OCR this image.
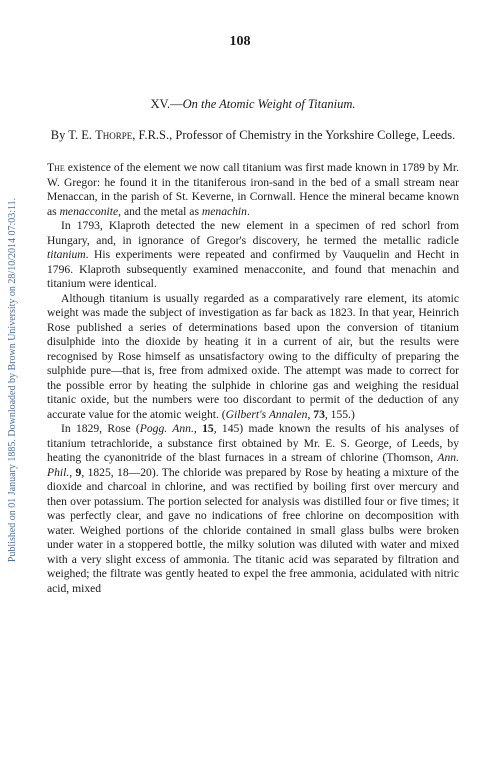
Published on 01 January 1885. Downloaded by Brown University on 28/10/2014 07:03:11.
108

XV.—On the Atomic Weight of Titanium.

By T. E. Thorpe, F.R.S., Professor of Chemistry in the Yorkshire College, Leeds.

The existence of the element we now call titanium was first made known in 1789 by Mr. W. Gregor: he found it in the titaniferous iron-sand in the bed of a small stream near Menaccan, in the parish of St. Keverne, in Cornwall. Hence the mineral became known as menacconite, and the metal as menachin.

In 1793, Klaproth detected the new element in a specimen of red schorl from Hungary, and, in ignorance of Gregor's discovery, he termed the metallic radicle titanium. His experiments were repeated and confirmed by Vauquelin and Hecht in 1796. Klaproth subsequently examined menacconite, and found that menachin and titanium were identical.

Although titanium is usually regarded as a comparatively rare element, its atomic weight was made the subject of investigation as far back as 1823. In that year, Heinrich Rose published a series of determinations based upon the conversion of titanium disulphide into the dioxide by heating it in a current of air, but the results were recognised by Rose himself as unsatisfactory owing to the difficulty of preparing the sulphide pure—that is, free from admixed oxide. The attempt was made to correct for the possible error by heating the sulphide in chlorine gas and weighing the residual titanic oxide, but the numbers were too discordant to permit of the deduction of any accurate value for the atomic weight. (Gilbert's Annalen, 73, 155.)

In 1829, Rose (Pogg. Ann., 15, 145) made known the results of his analyses of titanium tetrachloride, a substance first obtained by Mr. E. S. George, of Leeds, by heating the cyanonitride of the blast furnaces in a stream of chlorine (Thomson, Ann. Phil., 9, 1825, 18—20). The chloride was prepared by Rose by heating a mixture of the dioxide and charcoal in chlorine, and was rectified by boiling first over mercury and then over potassium. The portion selected for analysis was distilled four or five times; it was perfectly clear, and gave no indications of free chlorine on decomposition with water. Weighed portions of the chloride contained in small glass bulbs were broken under water in a stoppered bottle, the milky solution was diluted with water and mixed with a very slight excess of ammonia. The titanic acid was separated by filtration and weighed; the filtrate was gently heated to expel the free ammonia, acidulated with nitric acid, mixed
